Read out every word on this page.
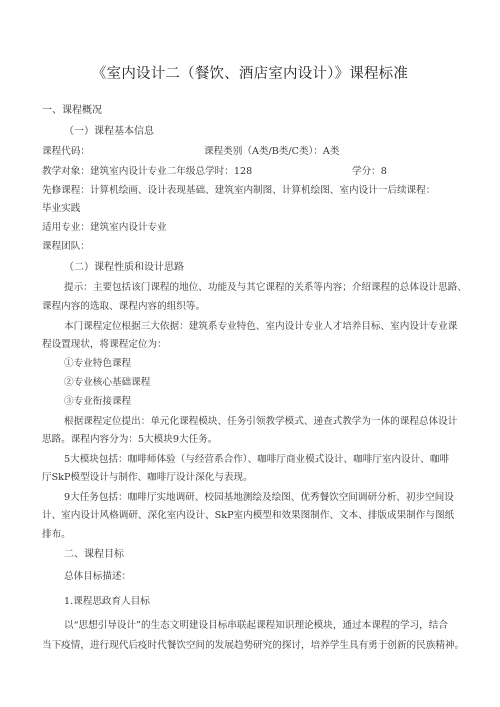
《室内设计二（餐饮、酒店室内设计）》课程标准
一、课程概况
（一）课程基本信息
课程代码：	课程类别（A类/B类/C类）：A类
教学对象：建筑室内设计专业二年级总学时：128	学分：8
先修课程：计算机绘画、设计表现基础、建筑室内制图、计算机绘图、室内设计一后续课程：
毕业实践
适用专业：建筑室内设计专业
课程团队：
（二）课程性质和设计思路
提示：主要包括该门课程的地位、功能及与其它课程的关系等内容；介绍课程的总体设计思路、
课程内容的选取、课程内容的组织等。
本门课程定位根据三大依据：建筑系专业特色、室内设计专业人才培养目标、室内设计专业课
程设置现状，将课程定位为：
①专业特色课程
②专业核心基础课程
③专业衔接课程
根据课程定位提出：单元化课程模块、任务引领教学模式、递查式教学为一体的课程总体设计
思路。课程内容分为：5大模块9大任务。
5大模块包括：咖啡师体验（与经营系合作）、咖啡厅商业模式设计、咖啡厅室内设计、咖啡
厅SkP模型设计与制作、咖啡厅设计深化与表现。
9大任务包括：咖啡厅实地调研、校园基地测绘及绘图、优秀餐饮空间调研分析、初步空间设
计、室内设计风格调研、深化室内设计、SkP室内模型和效果图制作、文本、排版成果制作与图纸
排布。
二、课程目标
总体目标描述：
1.课程思政育人目标
以“思想引导设计”的生态文明建设目标串联起课程知识理论模块，通过本课程的学习，结合
当下疫情，进行现代后疫时代餐饮空间的发展趋势研究的探讨，培养学生具有勇于创新的民族精神。
